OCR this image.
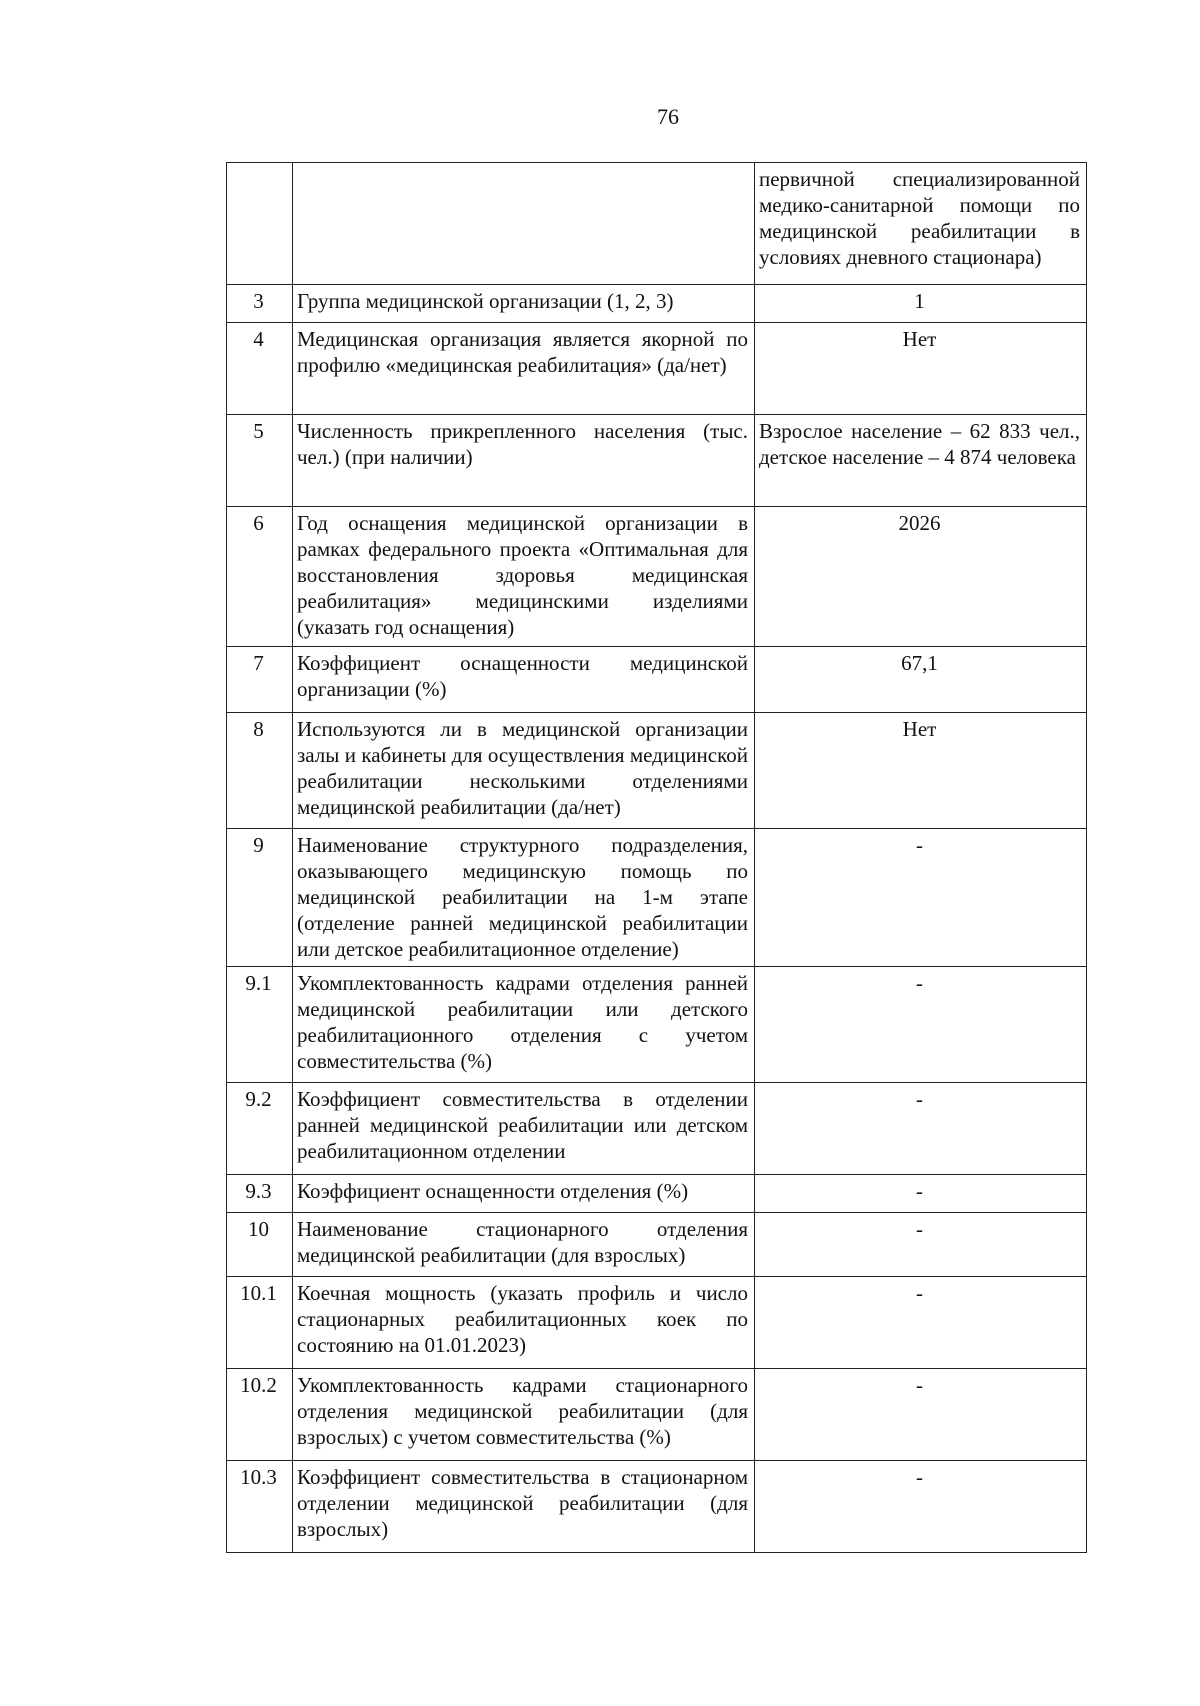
76
		первичной специализированной медико-санитарной помощи по медицинской реабилитации в условиях дневного стационара)
3	Группа медицинской организации (1, 2, 3)	1
4	Медицинская организация является якорной по профилю «медицинская реабилитация» (да/нет)	Нет
5	Численность прикрепленного населения (тыс. чел.) (при наличии)	Взрослое население – 62 833 чел., детское население – 4 874 человека
6	Год оснащения медицинской организации в рамках федерального проекта «Оптимальная для восстановления здоровья медицинская реабилитация» медицинскими изделиями (указать год оснащения)	2026
7	Коэффициент оснащенности медицинской организации (%)	67,1
8	Используются ли в медицинской организации залы и кабинеты для осуществления медицинской реабилитации несколькими отделениями медицинской реабилитации (да/нет)	Нет
9	Наименование структурного подразделения, оказывающего медицинскую помощь по медицинской реабилитации на 1-м этапе (отделение ранней медицинской реабилитации или детское реабилитационное отделение)	-
9.1	Укомплектованность кадрами отделения ранней медицинской реабилитации или детского реабилитационного отделения с учетом совместительства (%)	-
9.2	Коэффициент совместительства в отделении ранней медицинской реабилитации или детском реабилитационном отделении	-
9.3	Коэффициент оснащенности отделения (%)	-
10	Наименование стационарного отделения медицинской реабилитации (для взрослых)	-
10.1	Коечная мощность (указать профиль и число стационарных реабилитационных коек по состоянию на 01.01.2023)	-
10.2	Укомплектованность кадрами стационарного отделения медицинской реабилитации (для взрослых) с учетом совместительства (%)	-
10.3	Коэффициент совместительства в стационарном отделении медицинской реабилитации (для взрослых)	-
